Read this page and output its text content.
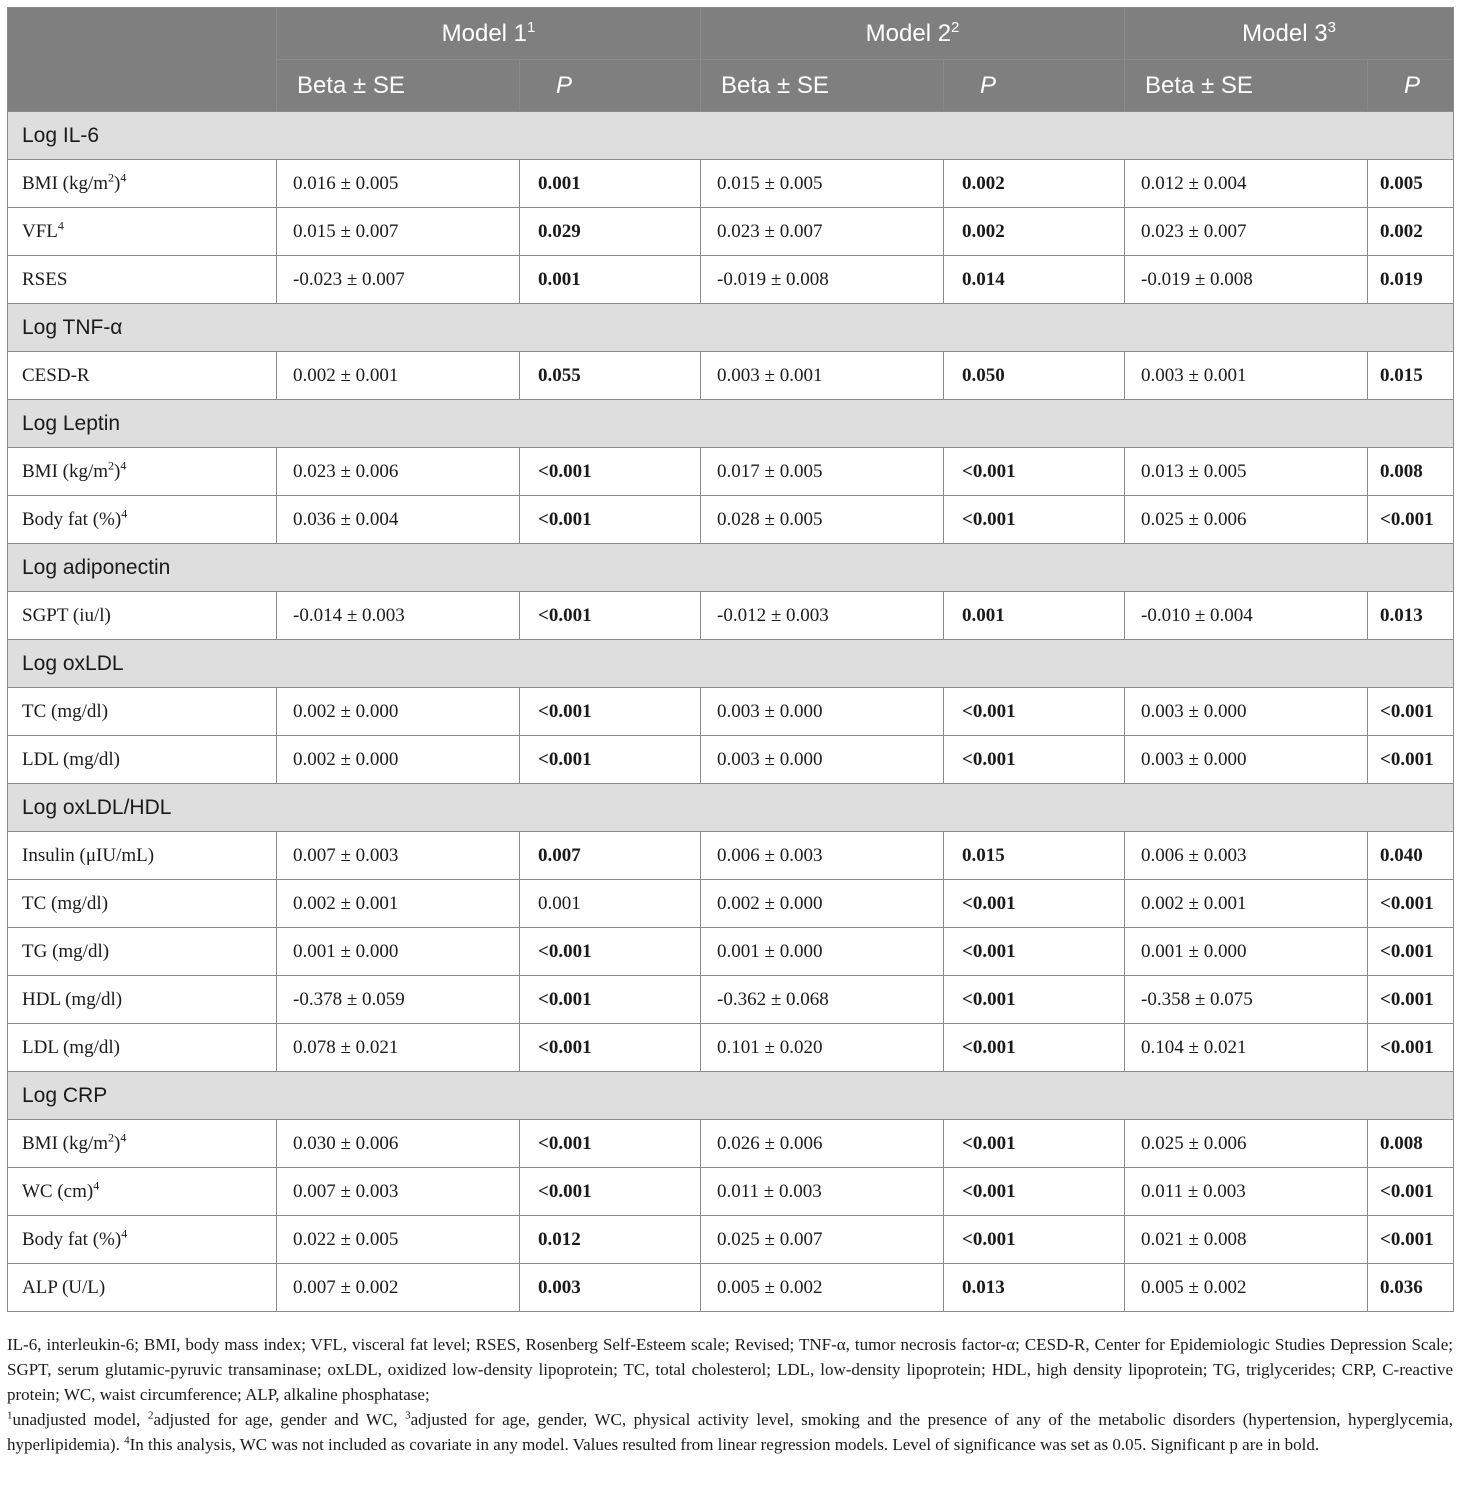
	Model $1^1$		Model $2^2$		Model $3^3$
	Beta ± SE	P	Beta ± SE	P	Beta ± SE	P
Log IL-6						
BMI $(kg/m^2)^4$	0.016 ± 0.005	0.001	0.015 ± 0.005	0.002	0.012 ± 0.004	0.005
VFL$^4$	0.015 ± 0.007	0.029	0.023 ± 0.007	0.002	0.023 ± 0.007	0.002
RSES	-0.023 ± 0.007	0.001	-0.019 ± 0.008	0.014	-0.019 ± 0.008	0.019
Log TNF-α						
CESD-R	0.002 ± 0.001	0.055	0.003 ± 0.001	0.050	0.003 ± 0.001	0.015
Log Leptin						
BMI $(kg/m^2)^4$	0.023 ± 0.006	<0.001	0.017 ± 0.005	<0.001	0.013 ± 0.005	0.008
Body fat (%)$^4$	0.036 ± 0.004	<0.001	0.028 ± 0.005	<0.001	0.025 ± 0.006	<0.001
Log adiponectin						
SGPT (iu/l)	-0.014 ± 0.003	<0.001	-0.012 ± 0.003	0.001	-0.010 ± 0.004	0.013
Log oxLDL						
TC (mg/dl)	0.002 ± 0.000	<0.001	0.003 ± 0.000	<0.001	0.003 ± 0.000	<0.001
LDL (mg/dl)	0.002 ± 0.000	<0.001	0.003 ± 0.000	<0.001	0.003 ± 0.000	<0.001
Log oxLDL/HDL						
Insulin (μIU/mL)	0.007 ± 0.003	0.007	0.006 ± 0.003	0.015	0.006 ± 0.003	0.040
TC (mg/dl)	0.002 ± 0.001	0.001	0.002 ± 0.000	<0.001	0.002 ± 0.001	<0.001
TG (mg/dl)	0.001 ± 0.000	<0.001	0.001 ± 0.000	<0.001	0.001 ± 0.000	<0.001
HDL (mg/dl)	-0.378 ± 0.059	<0.001	-0.362 ± 0.068	<0.001	-0.358 ± 0.075	<0.001
LDL (mg/dl)	0.078 ± 0.021	<0.001	0.101 ± 0.020	<0.001	0.104 ± 0.021	<0.001
Log CRP						
BMI $(kg/m^2)^4$	0.030 ± 0.006	<0.001	0.026 ± 0.006	<0.001	0.025 ± 0.006	0.008
WC (cm)$^4$	0.007 ± 0.003	<0.001	0.011 ± 0.003	<0.001	0.011 ± 0.003	<0.001
Body fat (%)$^4$	0.022 ± 0.005	0.012	0.025 ± 0.007	<0.001	0.021 ± 0.008	<0.001
ALP (U/L)	0.007 ± 0.002	0.003	0.005 ± 0.002	0.013	0.005 ± 0.002	0.036

IL-6, interleukin-6; BMI, body mass index; VFL, visceral fat level; RSES, Rosenberg Self-Esteem scale; Revised; TNF-α, tumor necrosis factor-α; CESD-R, Center for Epidemiologic Studies Depression Scale; SGPT, serum glutamic-pyruvic transaminase; oxLDL, oxidized low-density lipoprotein; TC, total cholesterol; LDL, low-density lipoprotein; HDL, high density lipoprotein; TG, triglycerides; CRP, C-reactive protein; WC, waist circumference; ALP, alkaline phosphatase;

$^1$unadjusted model, $^2$adjusted for age, gender and WC, $^3$adjusted for age, gender, WC, physical activity level, smoking and the presence of any of the metabolic disorders (hypertension, hyperglycemia, hyperlipidemia). $^4$In this analysis, WC was not included as covariate in any model. Values resulted from linear regression models. Level of significance was set as 0.05. Significant p are in bold.
